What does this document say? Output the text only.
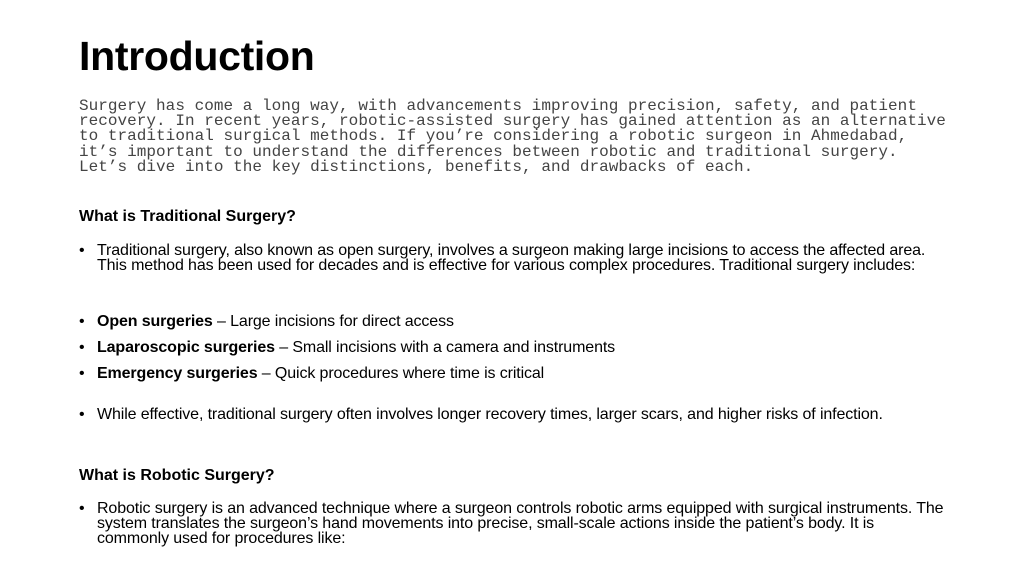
Introduction

Surgery has come a long way, with advancements improving precision, safety, and patient recovery. In recent years, robotic-assisted surgery has gained attention as an alternative to traditional surgical methods. If you’re considering a robotic surgeon in Ahmedabad, it’s important to understand the differences between robotic and traditional surgery. Let’s dive into the key distinctions, benefits, and drawbacks of each.

What is Traditional Surgery?
• Traditional surgery, also known as open surgery, involves a surgeon making large incisions to access the affected area. This method has been used for decades and is effective for various complex procedures. Traditional surgery includes:
• Open surgeries – Large incisions for direct access
• Laparoscopic surgeries – Small incisions with a camera and instruments
• Emergency surgeries – Quick procedures where time is critical
• While effective, traditional surgery often involves longer recovery times, larger scars, and higher risks of infection.
What is Robotic Surgery?
• Robotic surgery is an advanced technique where a surgeon controls robotic arms equipped with surgical instruments. The system translates the surgeon’s hand movements into precise, small-scale actions inside the patient’s body. It is commonly used for procedures like:
